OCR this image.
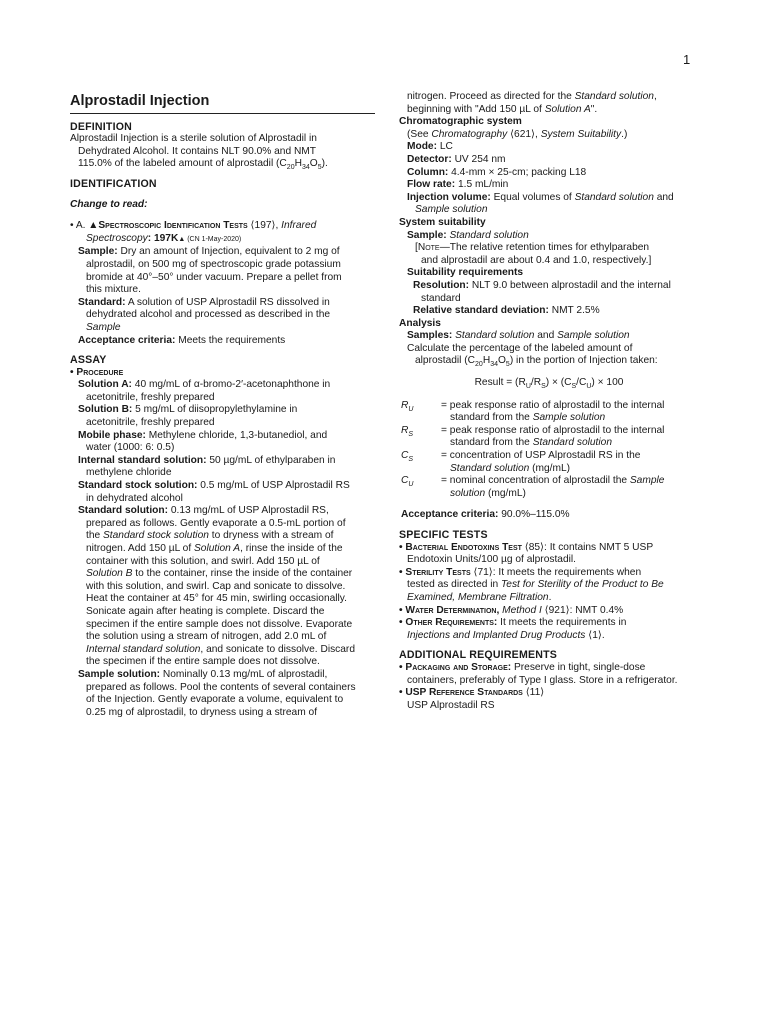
1
Alprostadil Injection
DEFINITION

Alprostadil Injection is a sterile solution of Alprostadil in

Dehydrated Alcohol. It contains NLT 90.0% and NMT

115.0% of the labeled amount of alprostadil $(C_{20}H_{34}O_5)$.

IDENTIFICATION
Change to read:

• A. ▲Spectroscopic Identification Tests ⟨197⟩, Infrared

Spectroscopy: 197K▲ (CN 1-May-2020)

Sample: Dry an amount of Injection, equivalent to 2 mg of

alprostadil, on 500 mg of spectroscopic grade potassium

bromide at 40°–50° under vacuum. Prepare a pellet from

this mixture.

Standard: A solution of USP Alprostadil RS dissolved in

dehydrated alcohol and processed as described in the

Sample

Acceptance criteria: Meets the requirements

ASSAY

• Procedure

Solution A: 40 mg/mL of α-bromo-2′-acetonaphthone in

acetonitrile, freshly prepared

Solution B: 5 mg/mL of diisopropylethylamine in

acetonitrile, freshly prepared

Mobile phase: Methylene chloride, 1,3-butanediol, and

water (1000: 6: 0.5)

Internal standard solution: 50 µg/mL of ethylparaben in

methylene chloride

Standard stock solution: 0.5 mg/mL of USP Alprostadil RS

in dehydrated alcohol

Standard solution: 0.13 mg/mL of USP Alprostadil RS,

prepared as follows. Gently evaporate a 0.5-mL portion of

the Standard stock solution to dryness with a stream of

nitrogen. Add 150 µL of Solution A, rinse the inside of the

container with this solution, and swirl. Add 150 µL of

Solution B to the container, rinse the inside of the container

with this solution, and swirl. Cap and sonicate to dissolve.

Heat the container at 45° for 45 min, swirling occasionally.

Sonicate again after heating is complete. Discard the

specimen if the entire sample does not dissolve. Evaporate

the solution using a stream of nitrogen, add 2.0 mL of

Internal standard solution, and sonicate to dissolve. Discard

the specimen if the entire sample does not dissolve.

Sample solution: Nominally 0.13 mg/mL of alprostadil,

prepared as follows. Pool the contents of several containers

of the Injection. Gently evaporate a volume, equivalent to

0.25 mg of alprostadil, to dryness using a stream of

nitrogen. Proceed as directed for the Standard solution,

beginning with "Add 150 µL of Solution A".

Chromatographic system

(See Chromatography ⟨621⟩, System Suitability.)

Mode: LC

Detector: UV 254 nm

Column: 4.4-mm × 25-cm; packing L18

Flow rate: 1.5 mL/min

Injection volume: Equal volumes of Standard solution and

Sample solution

System suitability

Sample: Standard solution

[Note—The relative retention times for ethylparaben

and alprostadil are about 0.4 and 1.0, respectively.]

Suitability requirements

Resolution: NLT 9.0 between alprostadil and the internal

standard

Relative standard deviation: NMT 2.5%

Analysis

Samples: Standard solution and Sample solution

Calculate the percentage of the labeled amount of

alprostadil $(C_{20}H_{34}O_5)$ in the portion of Injection taken:

Result = $(R_U/R_S) \times (C_S/C_U) \times 100$
$R_U$	= peak response ratio of alprostadil to the internal

standard from the Sample solution

$R_S$	= peak response ratio of alprostadil to the internal

standard from the Standard solution

$C_S$	= concentration of USP Alprostadil RS in the

Standard solution (mg/mL)

$C_U$	= nominal concentration of alprostadil the Sample

solution (mg/mL)

Acceptance criteria: 90.0%–115.0%

SPECIFIC TESTS

• Bacterial Endotoxins Test ⟨85⟩: It contains NMT 5 USP

Endotoxin Units/100 µg of alprostadil.

• Sterility Tests ⟨71⟩: It meets the requirements when

tested as directed in Test for Sterility of the Product to Be

Examined, Membrane Filtration.

• Water Determination, Method I ⟨921⟩: NMT 0.4%

• Other Requirements: It meets the requirements in

Injections and Implanted Drug Products ⟨1⟩.

ADDITIONAL REQUIREMENTS

• Packaging and Storage: Preserve in tight, single-dose

containers, preferably of Type I glass. Store in a refrigerator.

• USP Reference Standards ⟨11⟩

USP Alprostadil RS
